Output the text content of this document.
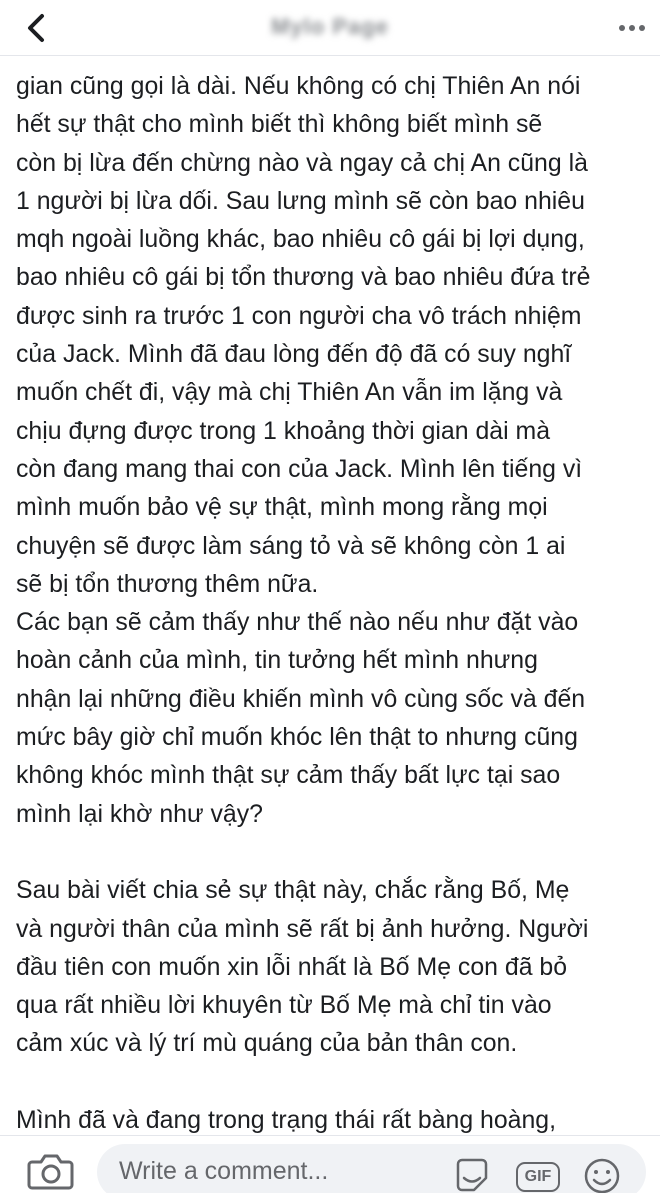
Mylo Page
gian cũng gọi là dài. Nếu không có chị Thiên An nói
hết sự thật cho mình biết thì không biết mình sẽ
còn bị lừa đến chừng nào và ngay cả chị An cũng là
1 người bị lừa dối. Sau lưng mình sẽ còn bao nhiêu
mqh ngoài luồng khác, bao nhiêu cô gái bị lợi dụng,
bao nhiêu cô gái bị tổn thương và bao nhiêu đứa trẻ
được sinh ra trước 1 con người cha vô trách nhiệm
của Jack. Mình đã đau lòng đến độ đã có suy nghĩ
muốn chết đi, vậy mà chị Thiên An vẫn im lặng và
chịu đựng được trong 1 khoảng thời gian dài mà
còn đang mang thai con của Jack. Mình lên tiếng vì
mình muốn bảo vệ sự thật, mình mong rằng mọi
chuyện sẽ được làm sáng tỏ và sẽ không còn 1 ai
sẽ bị tổn thương thêm nữa.
Các bạn sẽ cảm thấy như thế nào nếu như đặt vào
hoàn cảnh của mình, tin tưởng hết mình nhưng
nhận lại những điều khiến mình vô cùng sốc và đến
mức bây giờ chỉ muốn khóc lên thật to nhưng cũng
không khóc mình thật sự cảm thấy bất lực tại sao
mình lại khờ như vậy?
Sau bài viết chia sẻ sự thật này, chắc rằng Bố, Mẹ
và người thân của mình sẽ rất bị ảnh hưởng. Người
đầu tiên con muốn xin lỗi nhất là Bố Mẹ con đã bỏ
qua rất nhiều lời khuyên từ Bố Mẹ mà chỉ tin vào
cảm xúc và lý trí mù quáng của bản thân con.
Mình đã và đang trong trạng thái rất bàng hoàng,
Write a comment...	GIF
